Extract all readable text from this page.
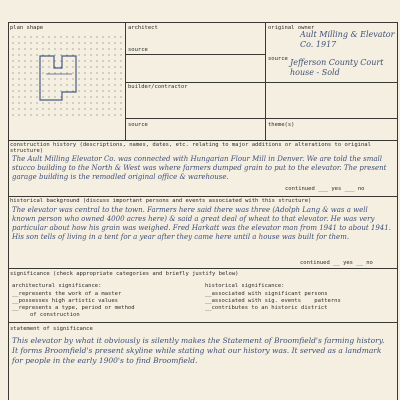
plan shape	architect
source
builder/contractor
source
original owner
Ault Milling & Elevator Co. 1917
source Jefferson County Court house - Sold
theme(s)
construction history (descriptions, names, dates, etc. relating to major additions or alterations to original structure)
The Ault Milling Elevator Co. was connected with Hungarian Flour Mill in Denver. We are told the small stucco building to the North & West was where farmers dumped grain to put to the elevator. The present garage building is the remodled original office & warehouse.
continued ___ yes ___ no
historical background (discuss important persons and events associated with this structure)
The elevator was central to the town. Farmers here said there was three (Adolph Lang & was a well known person who owned 4000 acres here) & said a great deal of wheat to that elevator. He was very particular about how his grain was weighed. Fred Harkatt was the elevator man from 1941 to about 1941. His son tells of living in a tent for a year after they came here until a house was built for them.
continued __ yes __ no
significance (check appropriate categories and briefly justify below)
architectural significance:
__represents the work of a master
__possesses high artistic values
__represents a type, period or method
of construction
historical significance:
__associated with significant persons
__associated with sig. events patterns
__contributes to an historic district
statement of significance
This elevator by what it obviously is silently makes the Statement of Broomfield's farming history. It forms Broomfield's present skyline while stating what our history was. It served as a landmark for people in the early 1900's to find Broomfield.
